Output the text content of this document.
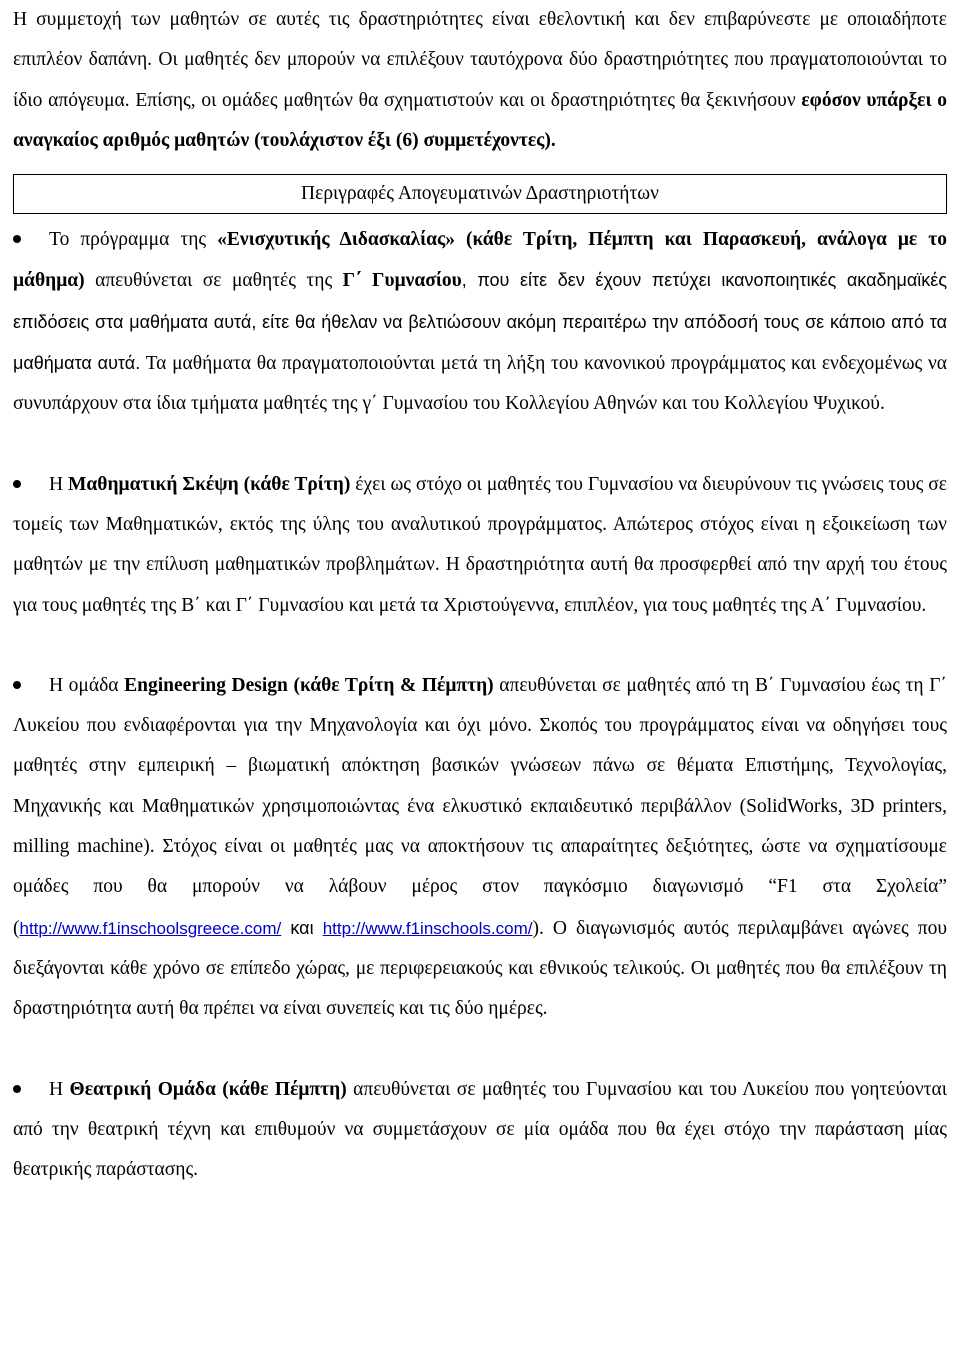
Η συμμετοχή των μαθητών σε αυτές τις δραστηριότητες είναι εθελοντική και δεν επιβαρύνεστε με οποιαδήποτε επιπλέον δαπάνη. Οι μαθητές δεν μπορούν να επιλέξουν ταυτόχρονα δύο δραστηριότητες που πραγματοποιούνται το ίδιο απόγευμα. Επίσης, οι ομάδες μαθητών θα σχηματιστούν και οι δραστηριότητες θα ξεκινήσουν εφόσον υπάρξει ο αναγκαίος αριθμός μαθητών (τουλάχιστον έξι (6) συμμετέχοντες).

Περιγραφές Απογευματινών Δραστηριοτήτων

Το πρόγραμμα της «Ενισχυτικής Διδασκαλίας» (κάθε Τρίτη, Πέμπτη και Παρασκευή, ανάλογα με το μάθημα) απευθύνεται σε μαθητές της Γ΄ Γυμνασίου, που είτε δεν έχουν πετύχει ικανοποιητικές ακαδημαϊκές επιδόσεις στα μαθήματα αυτά, είτε θα ήθελαν να βελτιώσουν ακόμη περαιτέρω την απόδοσή τους σε κάποιο από τα μαθήματα αυτά. Τα μαθήματα θα πραγματοποιούνται μετά τη λήξη του κανονικού προγράμματος και ενδεχομένως να συνυπάρχουν στα ίδια τμήματα μαθητές της γ΄ Γυμνασίου του Κολλεγίου Αθηνών και του Κολλεγίου Ψυχικού.

Η Μαθηματική Σκέψη (κάθε Τρίτη) έχει ως στόχο οι μαθητές του Γυμνασίου να διευρύνουν τις γνώσεις τους σε τομείς των Μαθηματικών, εκτός της ύλης του αναλυτικού προγράμματος. Απώτερος στόχος είναι η εξοικείωση των μαθητών με την επίλυση μαθηματικών προβλημάτων. Η δραστηριότητα αυτή θα προσφερθεί από την αρχή του έτους για τους μαθητές της Β΄ και Γ΄ Γυμνασίου και μετά τα Χριστούγεννα, επιπλέον, για τους μαθητές της Α΄ Γυμνασίου.

Η ομάδα Engineering Design (κάθε Τρίτη & Πέμπτη) απευθύνεται σε μαθητές από τη Β΄ Γυμνασίου έως τη Γ΄ Λυκείου που ενδιαφέρονται για την Μηχανολογία και όχι μόνο. Σκοπός του προγράμματος είναι να οδηγήσει τους μαθητές στην εμπειρική – βιωματική απόκτηση βασικών γνώσεων πάνω σε θέματα Επιστήμης, Τεχνολογίας, Μηχανικής και Μαθηματικών χρησιμοποιώντας ένα ελκυστικό εκπαιδευτικό περιβάλλον (SolidWorks, 3D printers, milling machine). Στόχος είναι οι μαθητές μας να αποκτήσουν τις απαραίτητες δεξιότητες, ώστε να σχηματίσουμε ομάδες που θα μπορούν να λάβουν μέρος στον παγκόσμιο διαγωνισμό “F1 στα Σχολεία” (http://www.f1inschoolsgreece.com/ και http://www.f1inschools.com/). Ο διαγωνισμός αυτός περιλαμβάνει αγώνες που διεξάγονται κάθε χρόνο σε επίπεδο χώρας, με περιφερειακούς και εθνικούς τελικούς. Οι μαθητές που θα επιλέξουν τη δραστηριότητα αυτή θα πρέπει να είναι συνεπείς και τις δύο ημέρες.

Η Θεατρική Ομάδα (κάθε Πέμπτη) απευθύνεται σε μαθητές του Γυμνασίου και του Λυκείου που γοητεύονται από την θεατρική τέχνη και επιθυμούν να συμμετάσχουν σε μία ομάδα που θα έχει στόχο την παράσταση μίας θεατρικής παράστασης.
